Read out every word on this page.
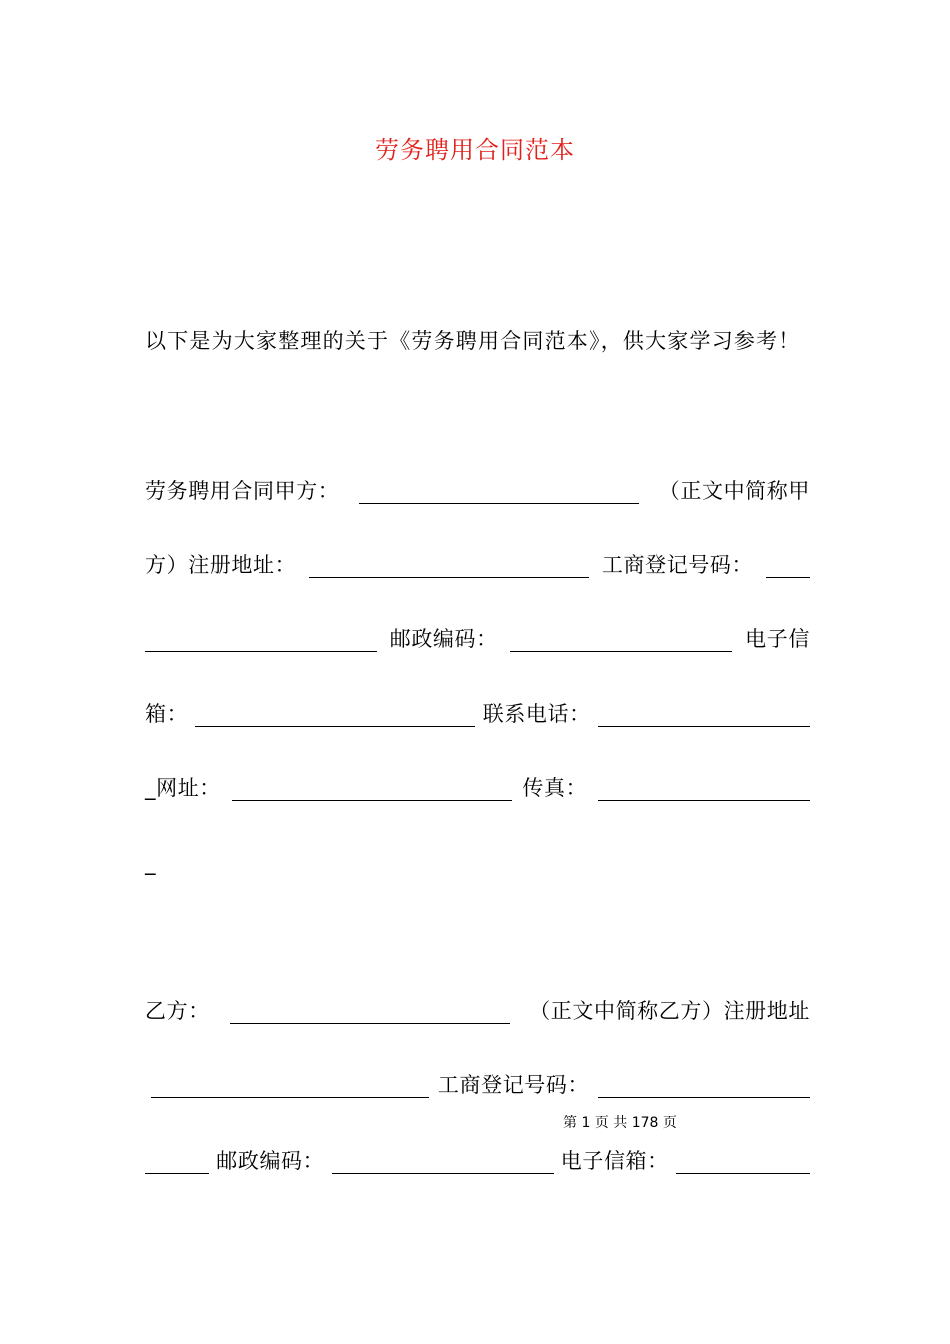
劳务聘用合同范本
以下是为大家整理的关于《劳务聘用合同范本》，供大家学习参考！
劳务聘用合同甲方：	（正文中简称甲
方）注册地址：	工商登记号码：
邮政编码：	电子信
箱：	联系电话：
_网址：	传真：
_
乙方：	（正文中简称乙方）注册地址
工商登记号码：
第 1 页 共 178 页
邮政编码：	电子信箱：
